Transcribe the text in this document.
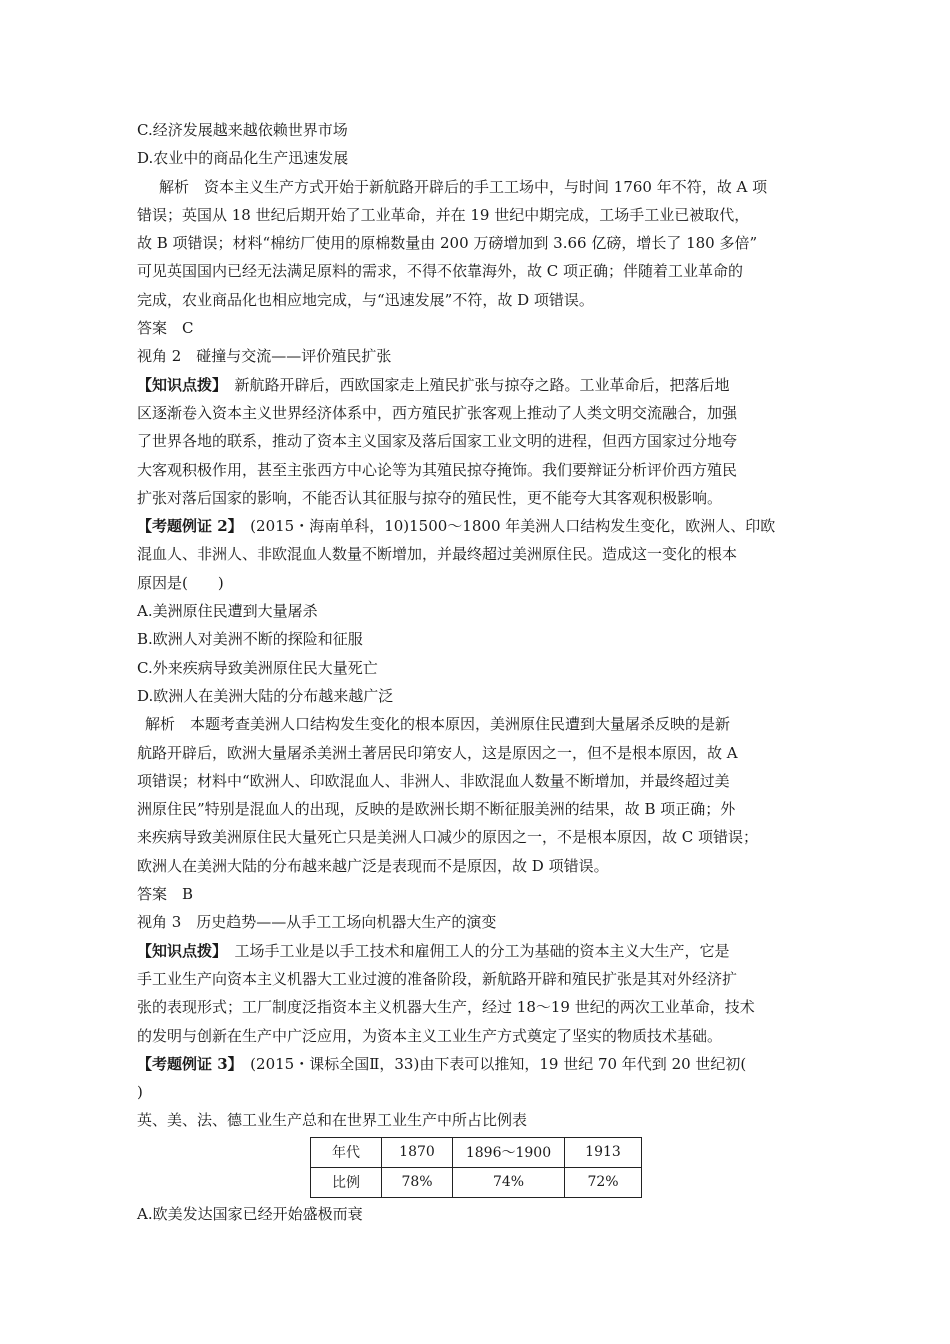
C.经济发展越来越依赖世界市场
D.农业中的商品化生产迅速发展
解析　资本主义生产方式开始于新航路开辟后的手工工场中，与时间 1760 年不符，故 A 项
错误；英国从 18 世纪后期开始了工业革命，并在 19 世纪中期完成，工场手工业已被取代，
故 B 项错误；材料“棉纺厂使用的原棉数量由 200 万磅增加到 3.66 亿磅，增长了 180 多倍”
可见英国国内已经无法满足原料的需求，不得不依靠海外，故 C 项正确；伴随着工业革命的
完成，农业商品化也相应地完成，与“迅速发展”不符，故 D 项错误。
答案　C
视角 2　碰撞与交流——评价殖民扩张
【知识点拨】　新航路开辟后，西欧国家走上殖民扩张与掠夺之路。工业革命后，把落后地
区逐渐卷入资本主义世界经济体系中，西方殖民扩张客观上推动了人类文明交流融合，加强
了世界各地的联系，推动了资本主义国家及落后国家工业文明的进程，但西方国家过分地夸
大客观积极作用，甚至主张西方中心论等为其殖民掠夺掩饰。我们要辩证分析评价西方殖民
扩张对落后国家的影响，不能否认其征服与掠夺的殖民性，更不能夸大其客观积极影响。
【考题例证 2】　(2015・海南单科，10)1500～1800 年美洲人口结构发生变化，欧洲人、印欧
混血人、非洲人、非欧混血人数量不断增加，并最终超过美洲原住民。造成这一变化的根本
原因是(　　)
A.美洲原住民遭到大量屠杀
B.欧洲人对美洲不断的探险和征服
C.外来疾病导致美洲原住民大量死亡
D.欧洲人在美洲大陆的分布越来越广泛
解析　本题考查美洲人口结构发生变化的根本原因，美洲原住民遭到大量屠杀反映的是新
航路开辟后，欧洲大量屠杀美洲土著居民印第安人，这是原因之一，但不是根本原因，故 A
项错误；材料中“欧洲人、印欧混血人、非洲人、非欧混血人数量不断增加，并最终超过美
洲原住民”特别是混血人的出现，反映的是欧洲长期不断征服美洲的结果，故 B 项正确；外
来疾病导致美洲原住民大量死亡只是美洲人口减少的原因之一，不是根本原因，故 C 项错误；
欧洲人在美洲大陆的分布越来越广泛是表现而不是原因，故 D 项错误。
答案　B
视角 3　历史趋势——从手工工场向机器大生产的演变
【知识点拨】　工场手工业是以手工技术和雇佣工人的分工为基础的资本主义大生产，它是
手工业生产向资本主义机器大工业过渡的准备阶段，新航路开辟和殖民扩张是其对外经济扩
张的表现形式；工厂制度泛指资本主义机器大生产，经过 18～19 世纪的两次工业革命，技术
的发明与创新在生产中广泛应用，为资本主义工业生产方式奠定了坚实的物质技术基础。
【考题例证 3】　(2015・课标全国Ⅱ，33)由下表可以推知，19 世纪 70 年代到 20 世纪初(
)
英、美、法、德工业生产总和在世界工业生产中所占比例表
年代	1870	1896～1900	1913
比例	78%	74%	72%
A.欧美发达国家已经开始盛极而衰
